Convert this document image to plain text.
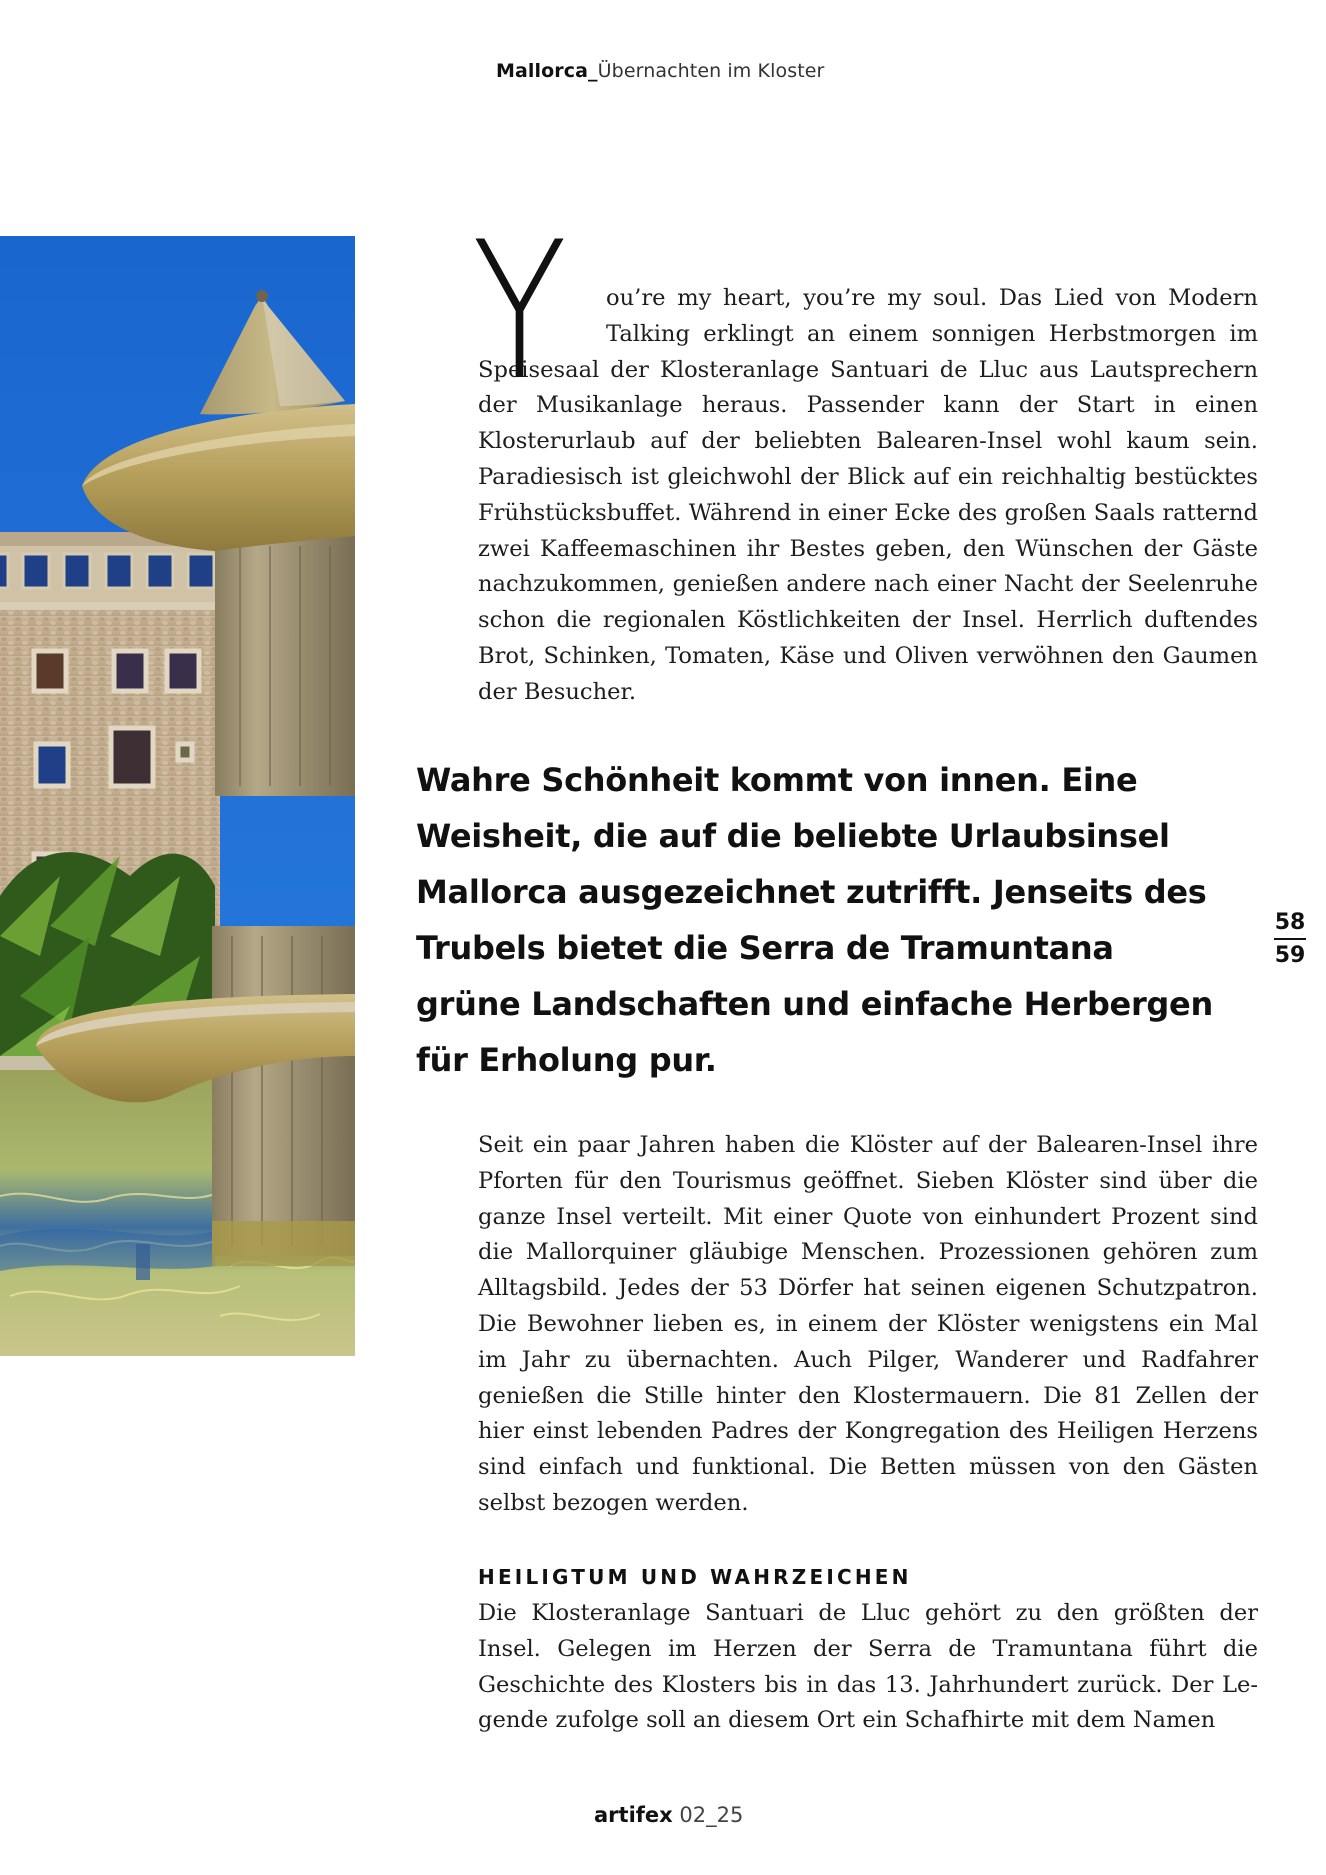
Mallorca_Übernachten im Kloster
Y	ou’re my heart, you’re my soul. Das Lied von Modern Talking erklingt an einem sonnigen Herbstmorgen im Speisesaal der Klosteranlage Santuari de Lluc aus Lautsprechern der Musikanlage heraus. Passender kann der Start in einen Klosterurlaub auf der beliebten Balearen-Insel wohl kaum sein. Paradiesisch ist gleichwohl der Blick auf ein reichhaltig bestücktes Frühstücksbuffet. Während in einer Ecke des großen Saals ratternd zwei Kaffeemaschinen ihr Bestes geben, den Wünschen der Gäste nachzukommen, genießen andere nach einer Nacht der Seelenruhe schon die regionalen Köstlichkeiten der Insel. Herrlich duftendes Brot, Schinken, Tomaten, Käse und Oliven verwöhnen den Gaumen der Besucher.

Wahre Schönheit kommt von innen. Eine Weisheit, die auf die beliebte Urlaubsinsel Mallorca ausgezeichnet zutrifft. Jenseits des Trubels bietet die Serra de Tramuntana grüne Landschaften und einfache Herbergen für Erholung pur.
58
59

Seit ein paar Jahren haben die Klöster auf der Balearen-Insel ihre Pforten für den Tourismus geöffnet. Sieben Klöster sind über die ganze Insel verteilt. Mit einer Quote von einhundert Prozent sind die Mallorquiner gläubige Menschen. Prozessionen gehören zum Alltagsbild. Jedes der 53 Dörfer hat seinen eigenen Schutzpatron. Die Bewohner lieben es, in einem der Klöster wenigstens ein Mal im Jahr zu übernachten. Auch Pilger, Wanderer und Radfahrer genießen die Stille hinter den Klostermauern. Die 81 Zellen der hier einst lebenden Padres der Kongregation des Heiligen Herzens sind einfach und funktional. Die Betten müssen von den Gästen selbst bezogen werden.

HEILIGTUM UND WAHRZEICHEN

Die Klosteranlage Santuari de Lluc gehört zu den größten der Insel. Gelegen im Herzen der Serra de Tramuntana führt die Geschichte des Klosters bis in das 13. Jahrhundert zurück. Der Legende zufolge soll an diesem Ort ein Schafhirte mit dem Namen

artifex 02_25
